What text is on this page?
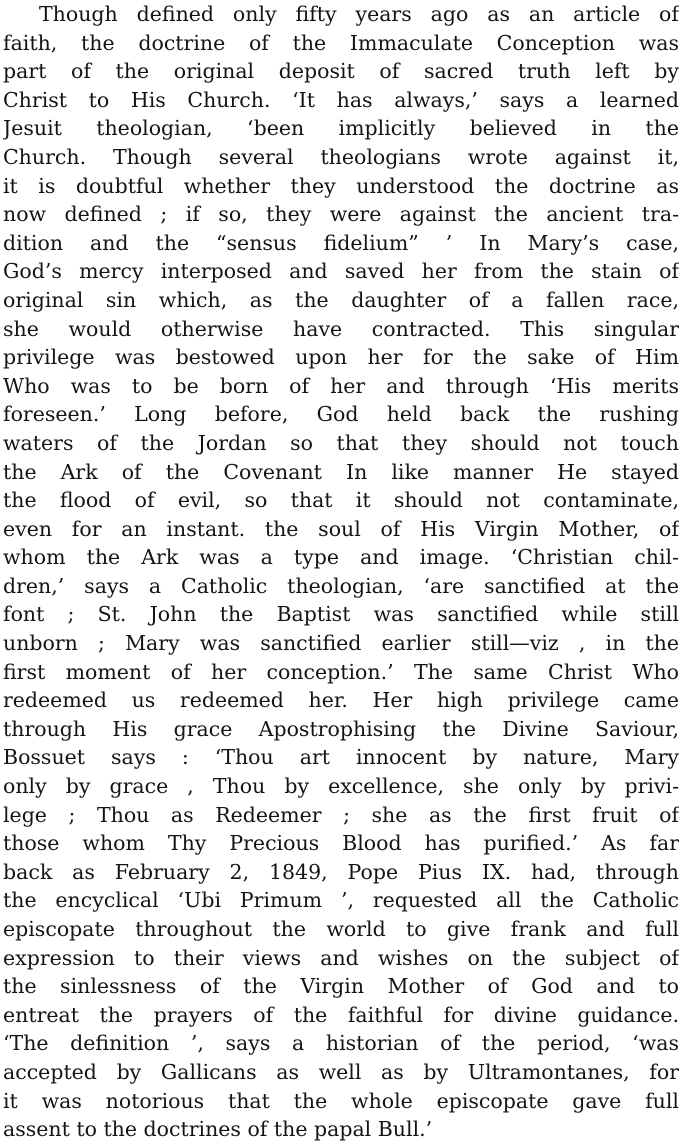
Though defined only fifty years ago as an article of
faith, the doctrine of the Immaculate Conception was
part of the original deposit of sacred truth left by
Christ to His Church. ‘It has always,’ says a learned
Jesuit theologian, ‘been implicitly believed in the
Church. Though several theologians wrote against it,
it is doubtful whether they understood the doctrine as
now defined ; if so, they were against the ancient tra-
dition and the “sensus fidelium” ’ In Mary’s case,
God’s mercy interposed and saved her from the stain of
original sin which, as the daughter of a fallen race,
she would otherwise have contracted. This singular
privilege was bestowed upon her for the sake of Him
Who was to be born of her and through ‘His merits
foreseen.’ Long before, God held back the rushing
waters of the Jordan so that they should not touch
the Ark of the Covenant In like manner He stayed
the flood of evil, so that it should not contaminate,
even for an instant. the soul of His Virgin Mother, of
whom the Ark was a type and image. ‘Christian chil-
dren,’ says a Catholic theologian, ‘are sanctified at the
font ; St. John the Baptist was sanctified while still
unborn ; Mary was sanctified earlier still—viz , in the
first moment of her conception.’ The same Christ Who
redeemed us redeemed her. Her high privilege came
through His grace Apostrophising the Divine Saviour,
Bossuet says : ‘Thou art innocent by nature, Mary
only by grace , Thou by excellence, she only by privi-
lege ; Thou as Redeemer ; she as the first fruit of
those whom Thy Precious Blood has purified.’ As far
back as February 2, 1849, Pope Pius IX. had, through
the encyclical ‘Ubi Primum ’, requested all the Catholic
episcopate throughout the world to give frank and full
expression to their views and wishes on the subject of
the sinlessness of the Virgin Mother of God and to
entreat the prayers of the faithful for divine guidance.
‘The definition ’, says a historian of the period, ‘was
accepted by Gallicans as well as by Ultramontanes, for
it was notorious that the whole episcopate gave full
assent to the doctrines of the papal Bull.’
